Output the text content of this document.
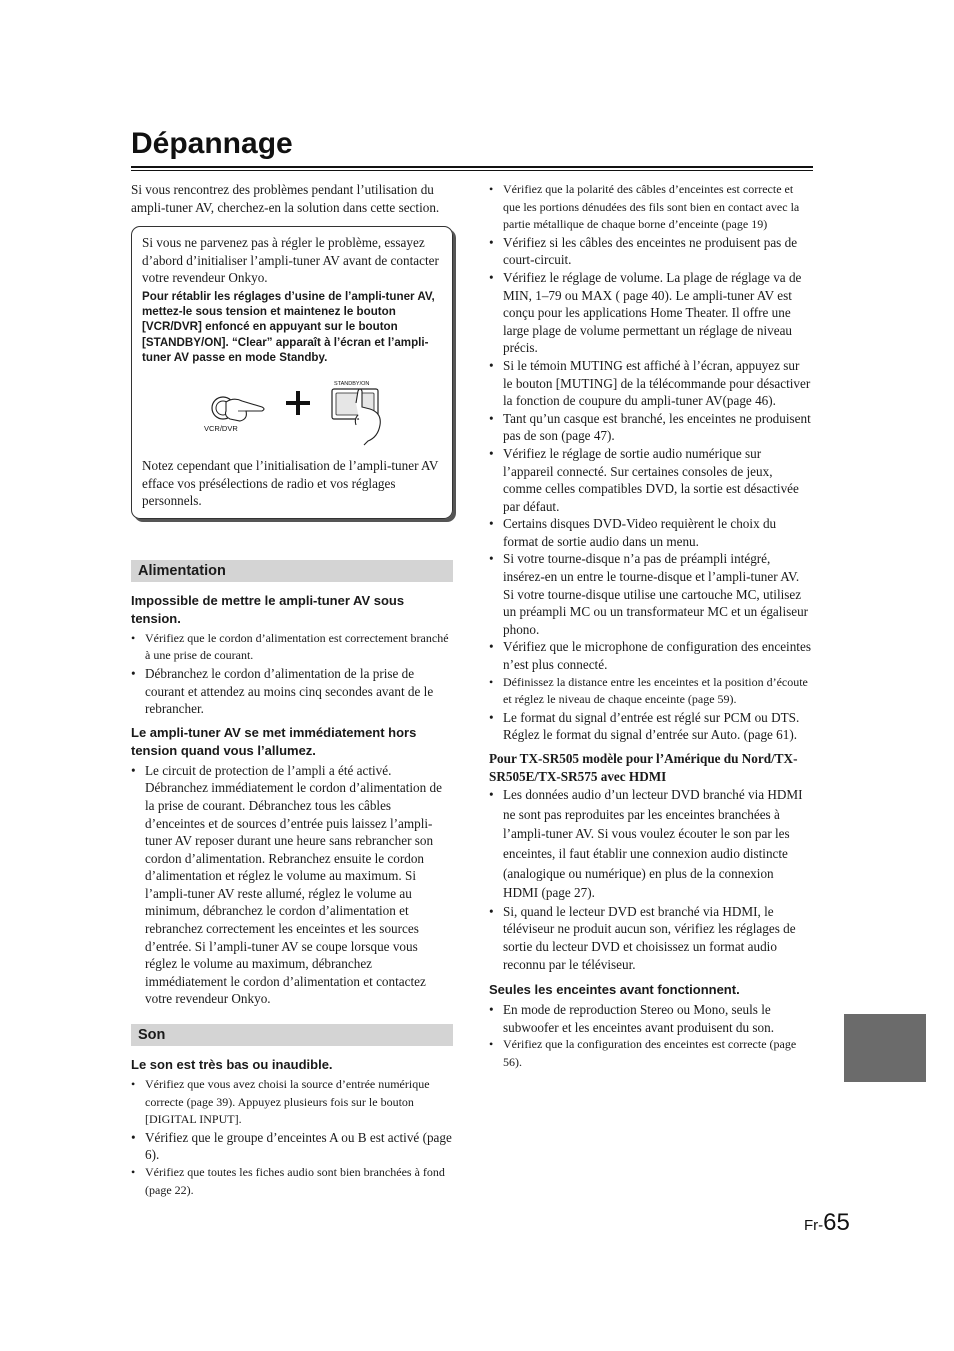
Dépannage

Si vous rencontrez des problèmes pendant l’utilisation du ampli-tuner AV, cherchez-en la solution dans cette section.

Si vous ne parvenez pas à régler le problème, essayez d’abord d’initialiser l’ampli-tuner AV avant de contacter votre revendeur Onkyo.

Pour rétablir les réglages d’usine de l’ampli-tuner AV, mettez-le sous tension et maintenez le bouton [VCR/DVR] enfoncé en appuyant sur le bouton [STANDBY/ON]. “Clear” apparaît à l’écran et l’ampli-tuner AV passe en mode Standby.

VCR/DVR
STANDBY/ON

Notez cependant que l’initialisation de l’ampli-tuner AV efface vos présélections de radio et vos réglages personnels.

Alimentation

Impossible de mettre le ampli-tuner AV sous tension.

• Vérifiez que le cordon d’alimentation est correctement branché à une prise de courant.
• Débranchez le cordon d’alimentation de la prise de courant et attendez au moins cinq secondes avant de le rebrancher.

Le ampli-tuner AV se met immédiatement hors tension quand vous l’allumez.

• Le circuit de protection de l’ampli a été activé. Débranchez immédiatement le cordon d’alimentation de la prise de courant. Débranchez tous les câbles d’enceintes et de sources d’entrée puis laissez l’ampli-tuner AV reposer durant une heure sans rebrancher son cordon d’alimentation. Rebranchez ensuite le cordon d’alimentation et réglez le volume au maximum. Si l’ampli-tuner AV reste allumé, réglez le volume au minimum, débranchez le cordon d’alimentation et rebranchez correctement les enceintes et les sources d’entrée. Si l’ampli-tuner AV se coupe lorsque vous réglez le volume au maximum, débranchez immédiatement le cordon d’alimentation et contactez votre revendeur Onkyo.
Son

Le son est très bas ou inaudible.

• Vérifiez que vous avez choisi la source d’entrée numérique correcte (page 39). Appuyez plusieurs fois sur le bouton [DIGITAL INPUT].
• Vérifiez que le groupe d’enceintes A ou B est activé (page 6).
• Vérifiez que toutes les fiches audio sont bien branchées à fond (page 22).
• Vérifiez que la polarité des câbles d’enceintes est correcte et que les portions dénudées des fils sont bien en contact avec la partie métallique de chaque borne d’enceinte (page 19)
• Vérifiez si les câbles des enceintes ne produisent pas de court-circuit.
• Vérifiez le réglage de volume. La plage de réglage va de MIN, 1–79 ou MAX ( page 40). Le ampli-tuner AV est conçu pour les applications Home Theater. Il offre une large plage de volume permettant un réglage de niveau précis.
• Si le témoin MUTING est affiché à l’écran, appuyez sur le bouton [MUTING] de la télécommande pour désactiver la fonction de coupure du ampli-tuner AV(page 46).
• Tant qu’un casque est branché, les enceintes ne produisent pas de son (page 47).
• Vérifiez le réglage de sortie audio numérique sur l’appareil connecté. Sur certaines consoles de jeux, comme celles compatibles DVD, la sortie est désactivée par défaut.
• Certains disques DVD-Video requièrent le choix du format de sortie audio dans un menu.
• Si votre tourne-disque n’a pas de préampli intégré, insérez-en un entre le tourne-disque et l’ampli-tuner AV. Si votre tourne-disque utilise une cartouche MC, utilisez un préampli MC ou un transformateur MC et un égaliseur phono.
• Vérifiez que le microphone de configuration des enceintes n’est plus connecté.
• Définissez la distance entre les enceintes et la position d’écoute et réglez le niveau de chaque enceinte (page 59).
• Le format du signal d’entrée est réglé sur PCM ou DTS. Réglez le format du signal d’entrée sur Auto. (page 61).

Pour TX-SR505 modèle pour l’Amérique du Nord/TX-SR505E/TX-SR575 avec HDMI

• Les données audio d’un lecteur DVD branché via HDMI ne sont pas reproduites par les enceintes branchées à l’ampli-tuner AV. Si vous voulez écouter le son par les enceintes, il faut établir une connexion audio distincte (analogique ou numérique) en plus de la connexion HDMI (page 27).
• Si, quand le lecteur DVD est branché via HDMI, le téléviseur ne produit aucun son, vérifiez les réglages de sortie du lecteur DVD et choisissez un format audio reconnu par le téléviseur.

Seules les enceintes avant fonctionnent.

• En mode de reproduction Stereo ou Mono, seuls le subwoofer et les enceintes avant produisent du son.
• Vérifiez que la configuration des enceintes est correcte (page 56).
Fr-65
